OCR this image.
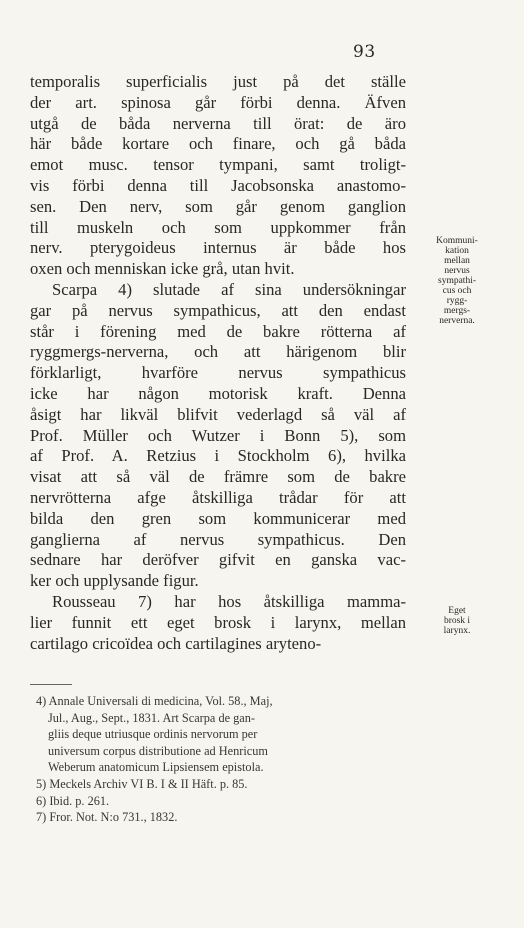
93
temporalis superficialis just på det ställe
der art. spinosa går förbi denna. Äfven
utgå de båda nerverna till örat: de äro
här både kortare och finare, och gå båda
emot musc. tensor tympani, samt troligt-
vis förbi denna till Jacobsonska anastomo-
sen. Den nerv, som går genom ganglion
till muskeln och som uppkommer från
nerv. pterygoideus internus är både hos
oxen och menniskan icke grå, utan hvit.
Scarpa 4) slutade af sina undersökningar
gar på nervus sympathicus, att den endast
står i förening med de bakre rötterna af
ryggmergs-nerverna, och att härigenom blir
förklarligt, hvarföre nervus sympathicus
icke har någon motorisk kraft. Denna
åsigt har likväl blifvit vederlagd så väl af
Prof. Müller och Wutzer i Bonn 5), som
af Prof. A. Retzius i Stockholm 6), hvilka
visat att så väl de främre som de bakre
nervrötterna afge åtskilliga trådar för att
bilda den gren som kommunicerar med
ganglierna af nervus sympathicus. Den
sednare har deröfver gifvit en ganska vac-
ker och upplysande figur.
Rousseau 7) har hos åtskilliga mamma-
lier funnit ett eget brosk i larynx, mellan
cartilago cricoïdea och cartilagines aryteno-
Kommuni-
kation
mellan
nervus
sympathi-
cus och
rygg-
mergs-
nerverna.
Eget
brosk i
larynx.
4) Annale Universali di medicina, Vol. 58., Maj,
Jul., Aug., Sept., 1831. Art Scarpa de gan-
gliis deque utriusque ordinis nervorum per
universum corpus distributione ad Henricum
Weberum anatomicum Lipsiensem epistola.
5) Meckels Archiv VI B. I & II Häft. p. 85.
6) Ibid. p. 261.
7) Fror. Not. N:o 731., 1832.
